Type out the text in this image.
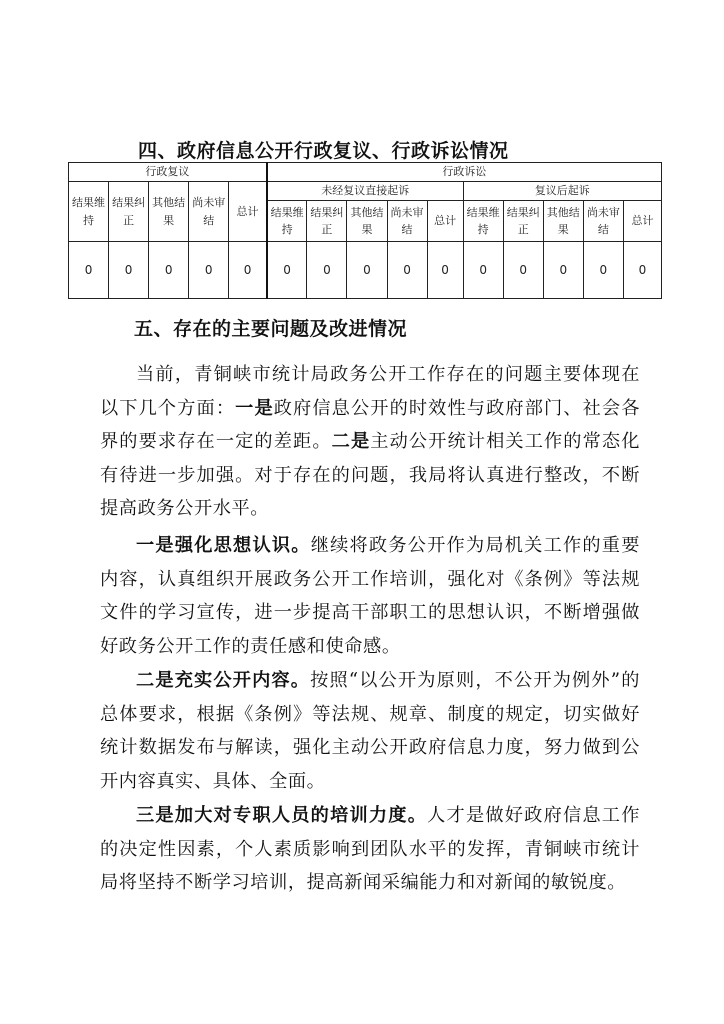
四、政府信息公开行政复议、行政诉讼情况
行政复议					行政诉讼									
结果维持	结果纠正	其他结果	尚未审结	总计	未经复议直接起诉					复议后起诉				
					结果维持	结果纠正	其他结果	尚未审结	总计	结果维持	结果纠正	其他结果	尚未审结	总计
0	0	0	0	0	0	0	0	0	0	0	0	0	0	0
五、存在的主要问题及改进情况

当前，青铜峡市统计局政务公开工作存在的问题主要体现在以下几个方面：一是政府信息公开的时效性与政府部门、社会各界的要求存在一定的差距。二是主动公开统计相关工作的常态化有待进一步加强。对于存在的问题，我局将认真进行整改，不断提高政务公开水平。

一是强化思想认识。继续将政务公开作为局机关工作的重要内容，认真组织开展政务公开工作培训，强化对《条例》等法规文件的学习宣传，进一步提高干部职工的思想认识，不断增强做好政务公开工作的责任感和使命感。

二是充实公开内容。按照“以公开为原则，不公开为例外”的总体要求，根据《条例》等法规、规章、制度的规定，切实做好统计数据发布与解读，强化主动公开政府信息力度，努力做到公开内容真实、具体、全面。

三是加大对专职人员的培训力度。人才是做好政府信息工作的决定性因素，个人素质影响到团队水平的发挥，青铜峡市统计局将坚持不断学习培训，提高新闻采编能力和对新闻的敏锐度。
